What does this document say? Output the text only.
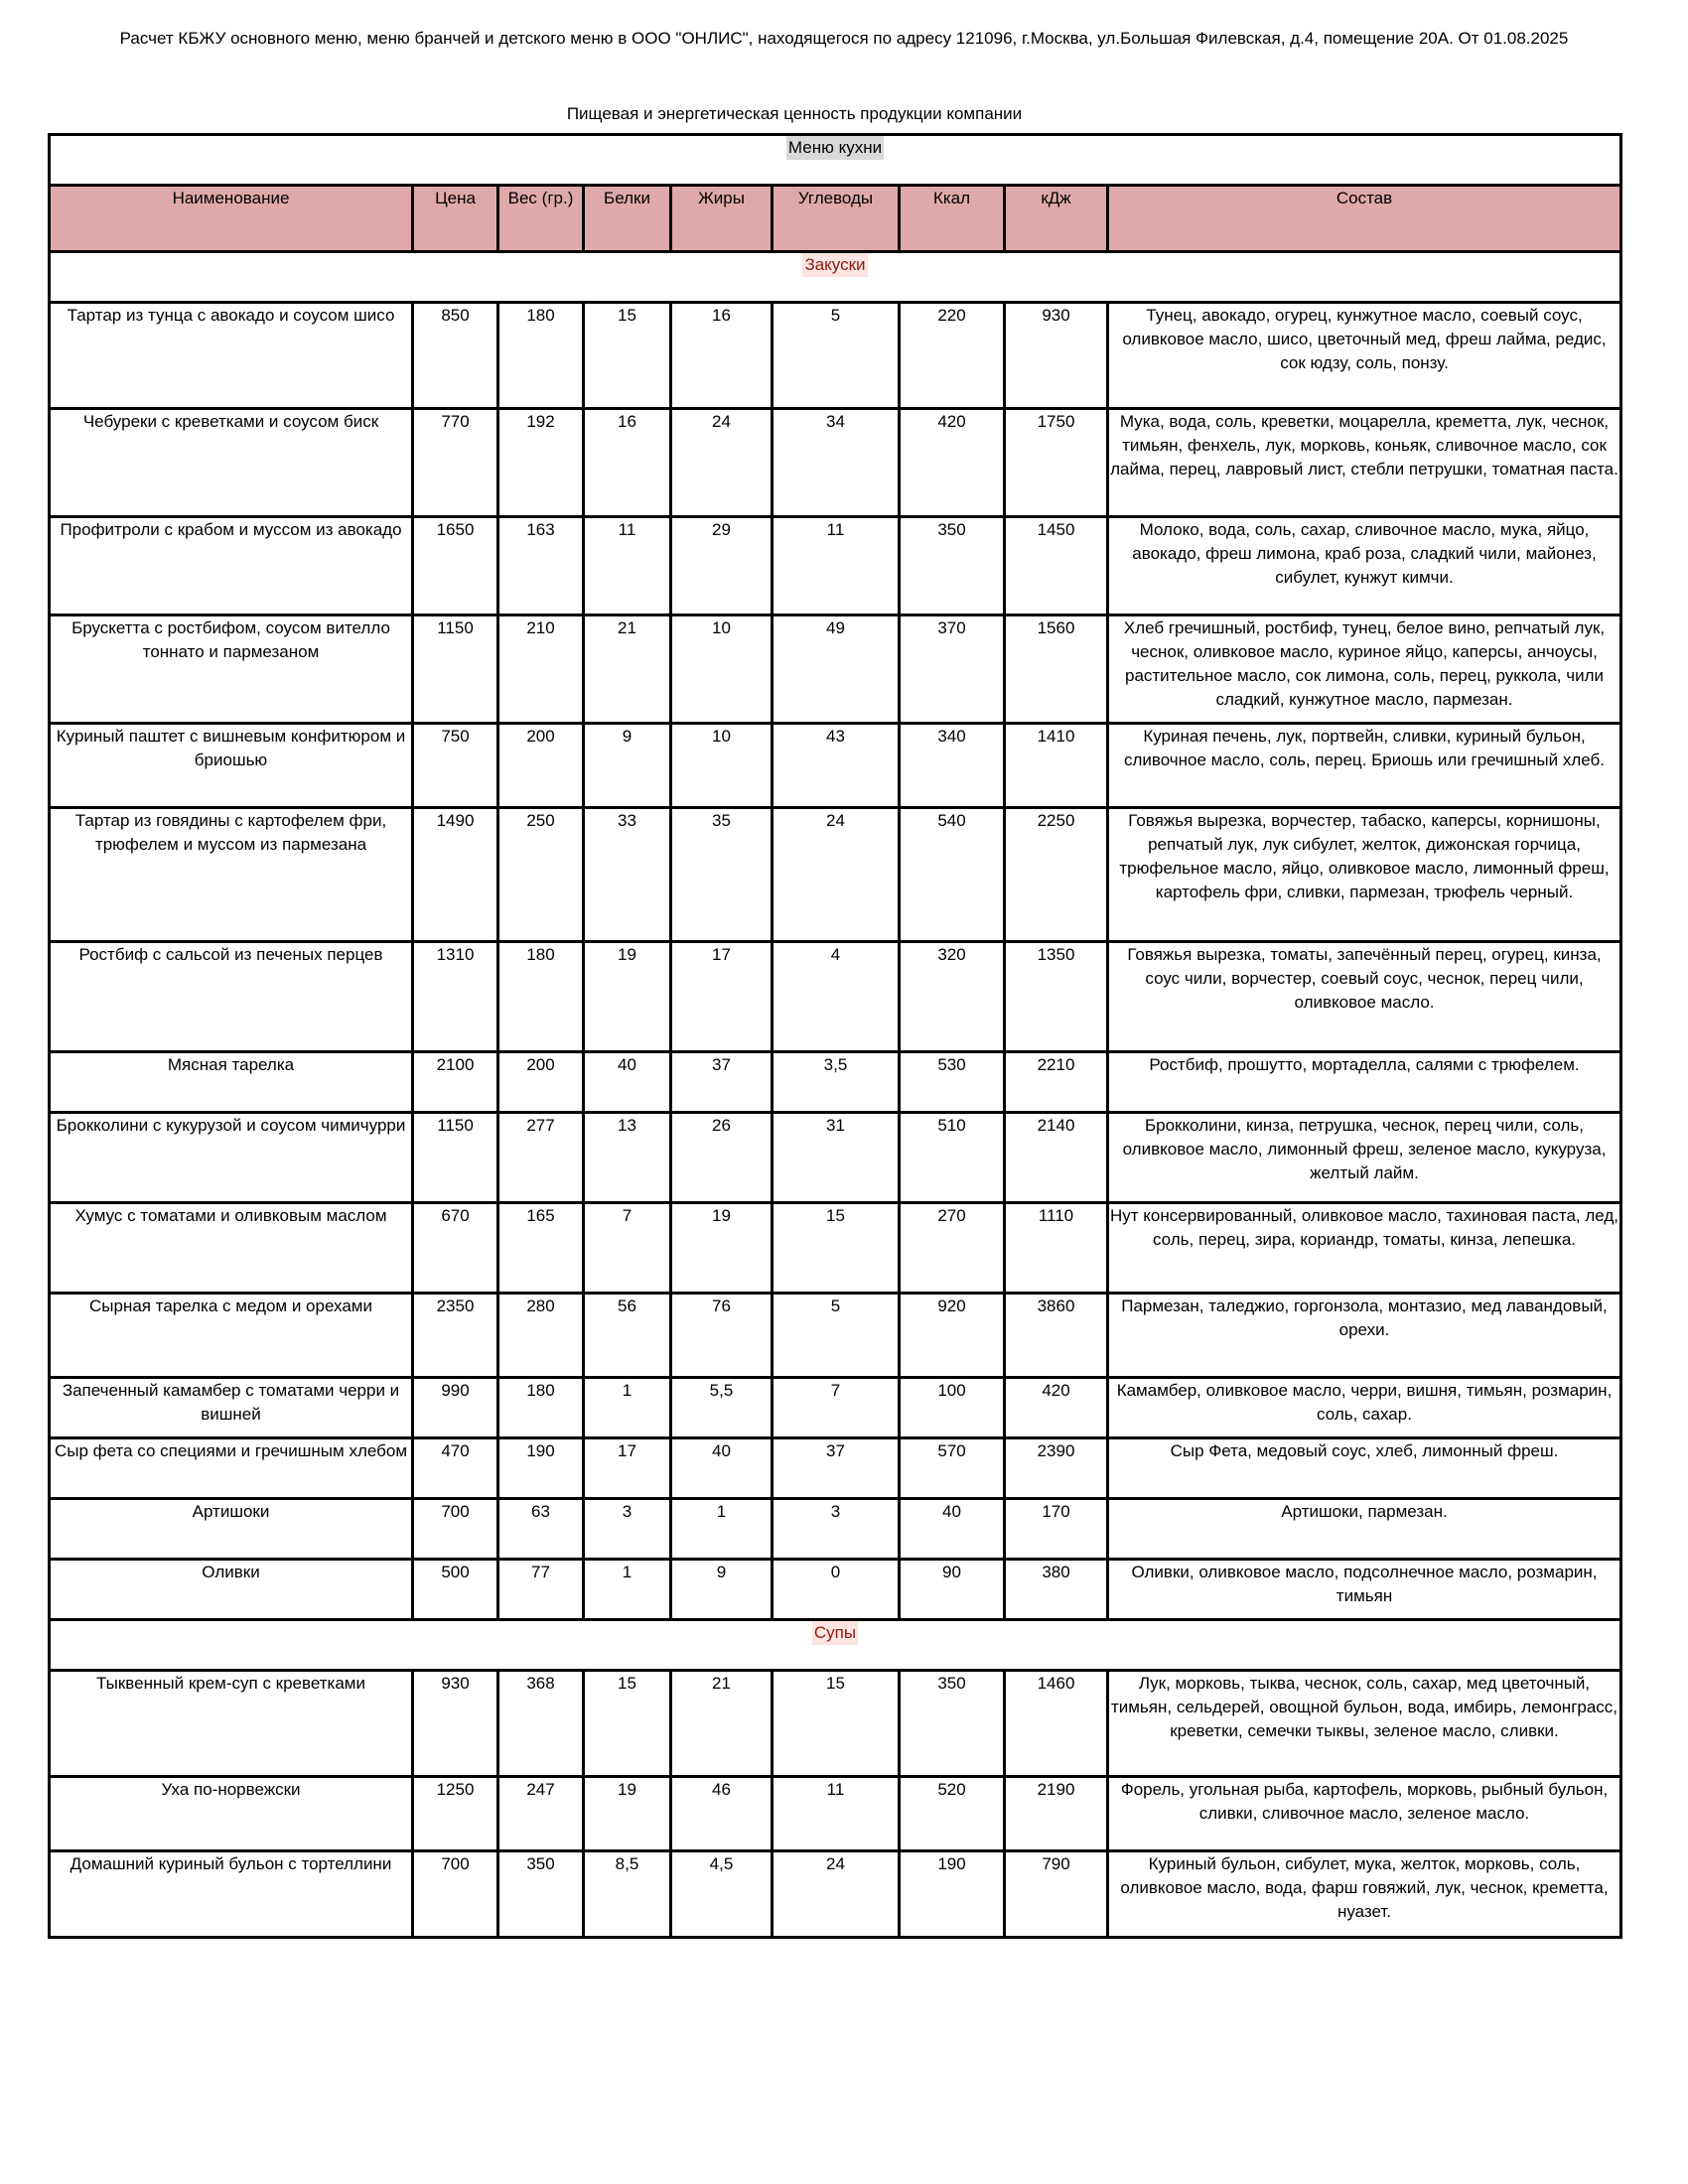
Расчет КБЖУ основного меню, меню бранчей и детского меню в ООО "ОНЛИС", находящегося по адресу 121096, г.Москва, ул.Большая Филевская, д.4, помещение 20А. От 01.08.2025
Пищевая и энергетическая ценность продукции компании
Меню кухни								
Наименование	Цена	Вес (гр.)	Белки	Жиры	Углеводы	Ккал	кДж	Состав
Закуски								
Тартар из тунца с авокадо и соусом шисо	850	180	15	16	5	220	930	Тунец, авокадо, огурец, кунжутное масло, соевый соус, оливковое масло, шисо, цветочный мед, фреш лайма, редис, сок юдзу, соль, понзу.
Чебуреки с креветками и соусом биск	770	192	16	24	34	420	1750	Мука, вода, соль, креветки, моцарелла, креметта, лук, чеснок, тимьян, фенхель, лук, морковь, коньяк, сливочное масло, сок лайма, перец, лавровый лист, стебли петрушки, томатная паста.
Профитроли с крабом и муссом из авокадо	1650	163	11	29	11	350	1450	Молоко, вода, соль, сахар, сливочное масло, мука, яйцо, авокадо, фреш лимона, краб роза, сладкий чили, майонез, сибулет, кунжут кимчи.
Брускетта с ростбифом, соусом вителло тоннато и пармезаном	1150	210	21	10	49	370	1560	Хлеб гречишный, ростбиф, тунец, белое вино, репчатый лук, чеснок, оливковое масло, куриное яйцо, каперсы, анчоусы, растительное масло, сок лимона, соль, перец, руккола, чили сладкий, кунжутное масло, пармезан.
Куриный паштет с вишневым конфитюром и бриошью	750	200	9	10	43	340	1410	Куриная печень, лук, портвейн, сливки, куриный бульон, сливочное масло, соль, перец. Бриошь или гречишный хлеб.
Тартар из говядины с картофелем фри, трюфелем и муссом из пармезана	1490	250	33	35	24	540	2250	Говяжья вырезка, ворчестер, табаско, каперсы, корнишоны, репчатый лук, лук сибулет, желток, дижонская горчица, трюфельное масло, яйцо, оливковое масло, лимонный фреш, картофель фри, сливки, пармезан, трюфель черный.
Ростбиф с сальсой из печеных перцев	1310	180	19	17	4	320	1350	Говяжья вырезка, томаты, запечённый перец, огурец, кинза, соус чили, ворчестер, соевый соус, чеснок, перец чили, оливковое масло.
Мясная тарелка	2100	200	40	37	3,5	530	2210	Ростбиф, прошутто, мортаделла, салями с трюфелем.
Брокколини с кукурузой и соусом чимичурри	1150	277	13	26	31	510	2140	Брокколини, кинза, петрушка, чеснок, перец чили, соль, оливковое масло, лимонный фреш, зеленое масло, кукуруза, желтый лайм.
Хумус с томатами и оливковым маслом	670	165	7	19	15	270	1110	Нут консервированный, оливковое масло, тахиновая паста, лед, соль, перец, зира, кориандр, томаты, кинза, лепешка.
Сырная тарелка с медом и орехами	2350	280	56	76	5	920	3860	Пармезан, таледжио, горгонзола, монтазио, мед лавандовый, орехи.
Запеченный камамбер с томатами черри и вишней	990	180	1	5,5	7	100	420	Камамбер, оливковое масло, черри, вишня, тимьян, розмарин, соль, сахар.
Сыр фета со специями и гречишным хлебом	470	190	17	40	37	570	2390	Сыр Фета, медовый соус, хлеб, лимонный фреш.
Артишоки	700	63	3	1	3	40	170	Артишоки, пармезан.
Оливки	500	77	1	9	0	90	380	Оливки, оливковое масло, подсолнечное масло, розмарин, тимьян
Супы								
Тыквенный крем-суп с креветками	930	368	15	21	15	350	1460	Лук, морковь, тыква, чеснок, соль, сахар, мед цветочный, тимьян, сельдерей, овощной бульон, вода, имбирь, лемонграсс, креветки, семечки тыквы, зеленое масло, сливки.
Уха по-норвежски	1250	247	19	46	11	520	2190	Форель, угольная рыба, картофель, морковь, рыбный бульон, сливки, сливочное масло, зеленое масло.
Домашний куриный бульон с тортеллини	700	350	8,5	4,5	24	190	790	Куриный бульон, сибулет, мука, желток, морковь, соль, оливковое масло, вода, фарш говяжий, лук, чеснок, креметта, нуазет.
